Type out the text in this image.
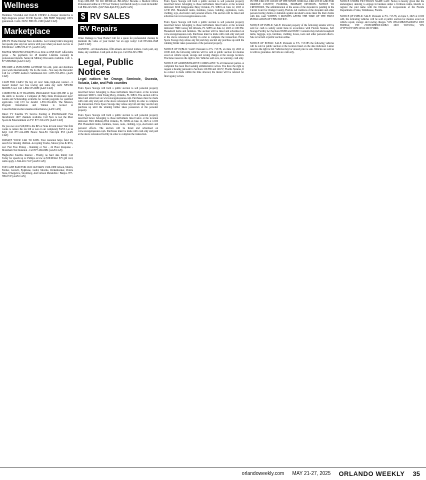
Wellness

Harmless: VIAGRA and CIALIS USERS! A cheaper alternative to high drugstore prices! 50 Pill Special - $99 FREE Shipping! 100% guaranteed. CALL NOW: 888-531-1990 (AAN CAN)

Marketplace

RELTS! Home Internet Now Available. Get CenturyLink's shopping fast speeds plus stay fast service with your when you need. As low as $39.99/mo! 1-888-570-4717. (AAN CAN)

BATH & SHOWER UPDATES in as little as ONE DAY! Affordable prices - No payments for 18 months! Lifetime warranty & professional installs. Senior & Military Discounts available. Call: 1-877-898-8946 (AAN CAN)

BECOME A PUBLISHED AUTHOR! We edit, print and distribute your work internationally. We do the work... You reap the Rewards! Call for a FREE Author's Submission Kit: 1-833-355-4851. (AAN CAN)

CASH FOR CARS! We buy all cars! Junk, high-end, totaled - it doesn't matter! Get free towing and same day cash! NEWER MODELS too! Call 1-866-535-9689 (AAN CAN)

COMPUTER & IT TRAINING PROGRAM! Train ONLINE to get the skills to become a Computer & Help Desk Professional now! Grants and Scholarships available for certain programs for qualified applicants. Call CTI for details! 1-855-554-4616. The Mission, Program Information and Tuition is located at CareerTechnical.edu/consumer-information. (AAN CAN)

Direct TV Satellite TV Service Starting at $59.99/month! Free Installation! 160+ channels available. Call Now to Get the Most Sports & Entertainment on TV! 877-310-2472 (AAN CAN)

Do you owe over $10,000 to the IRS or State in back taxes? Our firm works to reduce the tax bill or zero it out completely FAST. Let us help! Call 877-414-2089 Hours: Mon-Fri 7am-5pm PST (AAN CAN)

DONATE YOUR CAR TO KIDS. Your donation helps fund the search for missing children. Accepting Trucks, Motorcycles & RV's, too! Fast Free Pickup - Running or Not - 24 Hour Response - Maximum Tax Donation - Call 877-266-0681 (AAN CAN)

HughesNet Satellite Internet - Finally, no hard data limits! Call Today for speeds up to 25mbps as low as $59.99/mo! $75 gift card, terms apply. 1-844-416-7147 (AAN CAN)

TOP CASH PAID FOR OLD GUITARS! 1920-1980 Gibson, Martin, Fender, Gretsch, Epiphone, Guild, Mosrite, Rickenbacker, Prairie State, D'Angelico, Stromberg. And Gibson Mandolins / Banjos. 877-589-0747 (AAN CAN)

Train ONLINE TO DO MEDICAL BILLING! Become a Medical Office Professional online at CTI! Get Trained, Certified & ready to work in months! Call 866-243-5931. (M-F 8am-6pm ET) (AAN CAN)

$ RV SALES
RV Repairs

Water Damage to Your Home? Call for a quote for professional cleanup & maintain the value of your home! Set an appt today! Call 833-664-1848 (AAN CAN)

WANTED - All motorhomes, fifth-wheels and travel trailers. Cash paid, any make, any condition. Cash paid on the spot. Call 954-345-7866

Legal, Public
Notices
Legal notices for Orange, Seminole, Osceola, Volusia, Lake, and Polk counties

Extra Space Storage will hold a public auction to sell personal property described below belonging to those individuals listed below at the location indicated: 9000 S. John Young Pkwy, Orlando, FL 32819. The auction will be listed and advertised on www.storagetreasures.com. Purchases must be made with cash only and paid at the above referenced facility in order to complete the transaction. Extra Space Storage may refuse any bid and may rescind any purchase up until the winning bidder takes possession of the personal property.

Extra Space Storage will hold a public auction to sell personal property described below belonging to those individuals listed below at the location indicated: 3601 Millenia Blvd Orlando, FL 32839 on June 12, 2025 at 12:00 PM. Household items, furniture, boxes, tools, clothing, toys, electronics and personal effects. The auction will be listed and advertised on www.storagetreasures.com. Purchases must be made with cash only and paid at the above referenced facility in order to complete the transaction.

Extra Space Storage will hold a public auction to sell personal property described below belonging to those individuals listed below at the location indicated: 6010 Kingspointe Pkwy Orlando, FL 32819 on June 12, 2025 at 12:30 PM. Household items, furniture, boxes, bedding, appliances, tools, clothing, toys, electronics and personal effects. The auction will be listed and advertised on www.storagetreasures.com.

Extra Space Storage will hold a public auction to sell personal property described below belonging to those individuals listed below at the location indicated: 7800 Conroy Rd Orlando, FL 32835 on June 12, 2025 at 1:00 PM. Household items and furniture. The auction will be listed and advertised on www.storagetreasures.com. Purchases must be made with cash only and paid at the above referenced facility in order to complete the transaction. Extra Space Storage may refuse any bid and may rescind any purchase up until the winning bidder takes possession of the personal property.

NOTICE OF PUBLIC SALE: Pursuant to F.S. 713.78, on June 10, 2025 at 10:00 AM, the following vehicles will be sold at public auction for monies owed on vehicle repair, storage and towing charges at the storage location. The lienor reserves the right to bid. Vehicles sold as is, no warranty, cash only.

NOTICE OF ADMINISTRATIVE COMPLAINT: To all interested parties. A complaint has been filed seeking administrative action. You have the right to request a hearing pursuant to Sections 120.569 and 120.57, Florida Statutes. If no contact is made within the time allowed, the matter will be referred for final agency action.

IN THE CIRCUIT COURT OF THE NINTH JUDICIAL CIRCUIT IN AND FOR ORANGE COUNTY, FLORIDA. PROBATE DIVISION. NOTICE TO CREDITORS. The administration of the estate of the decedent is pending in the Circuit Court for Orange County, Florida. All creditors of the decedent and other persons having claims or demands against decedent's estate must file their claims with this court WITHIN 3 MONTHS AFTER THE TIME OF THE FIRST PUBLICATION OF THIS NOTICE.

NOTICE OF PUBLIC SALE: Personal property of the following tenants will be sold for cash to satisfy rental liens in accordance with Florida Statutes, Self Storage Facility Act Sections 83.806 and 83.807. Contents may include household items, luggage, toys, furniture, clothing, boxes, tools and other personal effects. Sale to be held at public auction online.

NOTICE OF PUBLIC SALE: Pursuant to F.S. 713.585 the following vehicles will be sold at public auction at the location listed on the date indicated. Lienor reserves the right to bid. Vehicles may be viewed prior to sale. Vehicles are sold as is with no guarantee. All bids are cash only.

NOTICE UNDER FICTITIOUS NAME LAW: Notice is hereby given that the undersigned, desiring to engage in business under a fictitious name, intends to register the said name with the Division of Corporations of the Florida Department of State, Tallahassee, Florida.

NOTICE OF PUBLIC SALE: Pursuant to F.S. 713.78, on June 5, 2025 at 10:00 AM, the following vehicles will be sold at public auction for monies owed on vehicle repair, storage and towing charges. VIN 1HGCM82633A004352 2003 HONDA; VIN 2T1BURHE0JC043821 2018 TOYOTA; VIN 1FTFW1ET5DFC10312 2013 FORD.

orlandoweekly.com MAY 21-27, 2025 ORLANDO WEEKLY 35
